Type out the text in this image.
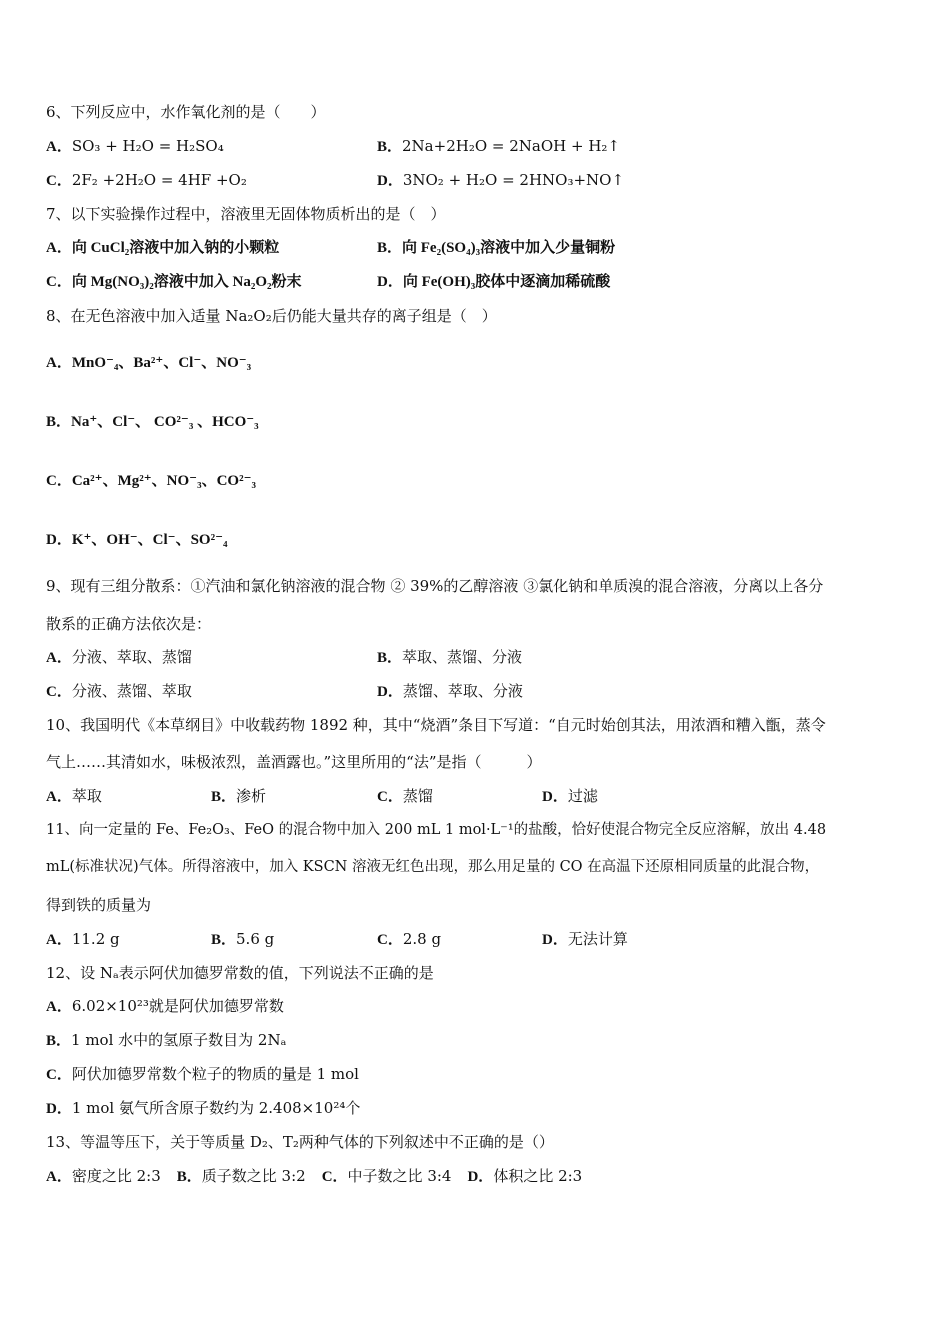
6、下列反应中，水作氧化剂的是（　　）
A．SO₃ + H₂O = H₂SO₄	B．2Na+2H₂O = 2NaOH + H₂↑
C．2F₂ +2H₂O = 4HF +O₂	D．3NO₂ + H₂O = 2HNO₃+NO↑
7、以下实验操作过程中，溶液里无固体物质析出的是（　）
A．向 CuCl₂溶液中加入钠的小颗粒	B．向 Fe₂(SO₄)₃溶液中加入少量铜粉
C．向 Mg(NO₃)₂溶液中加入 Na₂O₂粉末	D．向 Fe(OH)₃胶体中逐滴加稀硫酸
8、在无色溶液中加入适量 Na₂O₂后仍能大量共存的离子组是（　）
A．MnO⁻₄、Ba²⁺、Cl⁻、NO⁻₃
B．Na⁺、Cl⁻、 CO²⁻₃ 、HCO⁻₃
C．Ca²⁺、Mg²⁺、NO⁻₃、CO²⁻₃
D．K⁺、OH⁻、Cl⁻、SO²⁻₄
9、现有三组分散系：①汽油和氯化钠溶液的混合物 ② 39%的乙醇溶液 ③氯化钠和单质溴的混合溶液，分离以上各分
散系的正确方法依次是：
A．分液、萃取、蒸馏	B．萃取、蒸馏、分液
C．分液、蒸馏、萃取	D．蒸馏、萃取、分液
10、我国明代《本草纲目》中收载药物 1892 种，其中“烧酒”条目下写道：“自元时始创其法，用浓酒和糟入甑，蒸令
气上……其清如水，味极浓烈，盖酒露也。”这里所用的“法”是指（　　　）
A．萃取	B．渗析	C．蒸馏	D．过滤
11、向一定量的 Fe、Fe₂O₃、FeO 的混合物中加入 200 mL 1 mol·L⁻¹的盐酸，恰好使混合物完全反应溶解，放出 4.48
mL(标准状况)气体。所得溶液中，加入 KSCN 溶液无红色出现，那么用足量的 CO 在高温下还原相同质量的此混合物，
得到铁的质量为
A．11.2 g	B．5.6 g	C．2.8 g	D．无法计算
12、设 Nₐ表示阿伏加德罗常数的值，下列说法不正确的是
A．6.02×10²³就是阿伏加德罗常数
B．1 mol 水中的氢原子数目为 2Nₐ
C．阿伏加德罗常数个粒子的物质的量是 1 mol
D．1 mol 氨气所含原子数约为 2.408×10²⁴个
13、等温等压下，关于等质量 D₂、T₂两种气体的下列叙述中不正确的是（）
A．密度之比 2:3 B．质子数之比 3:2 C．中子数之比 3:4 D．体积之比 2:3
